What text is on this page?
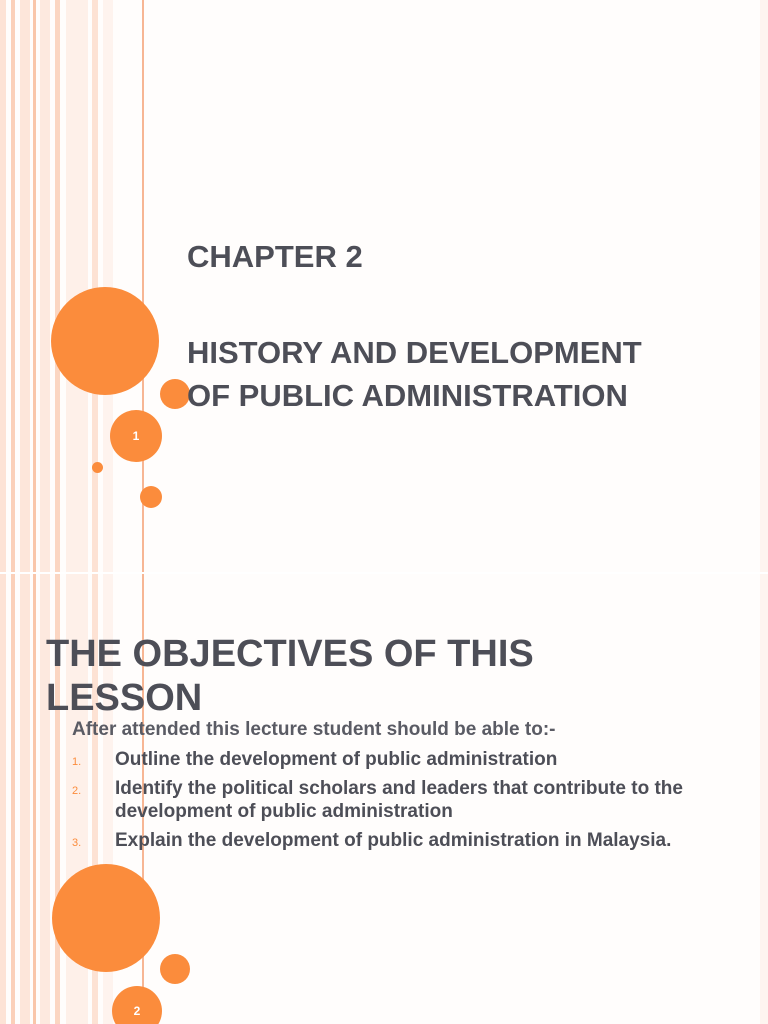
1
CHAPTER 2
HISTORY AND DEVELOPMENT
OF PUBLIC ADMINISTRATION
2
THE OBJECTIVES OF THIS
LESSON

After attended this lecture student should be able to:-

1.	Outline the development of public administration
2.	Identify the political scholars and leaders that contribute to the development of public administration
3.	Explain the development of public administration in Malaysia.
